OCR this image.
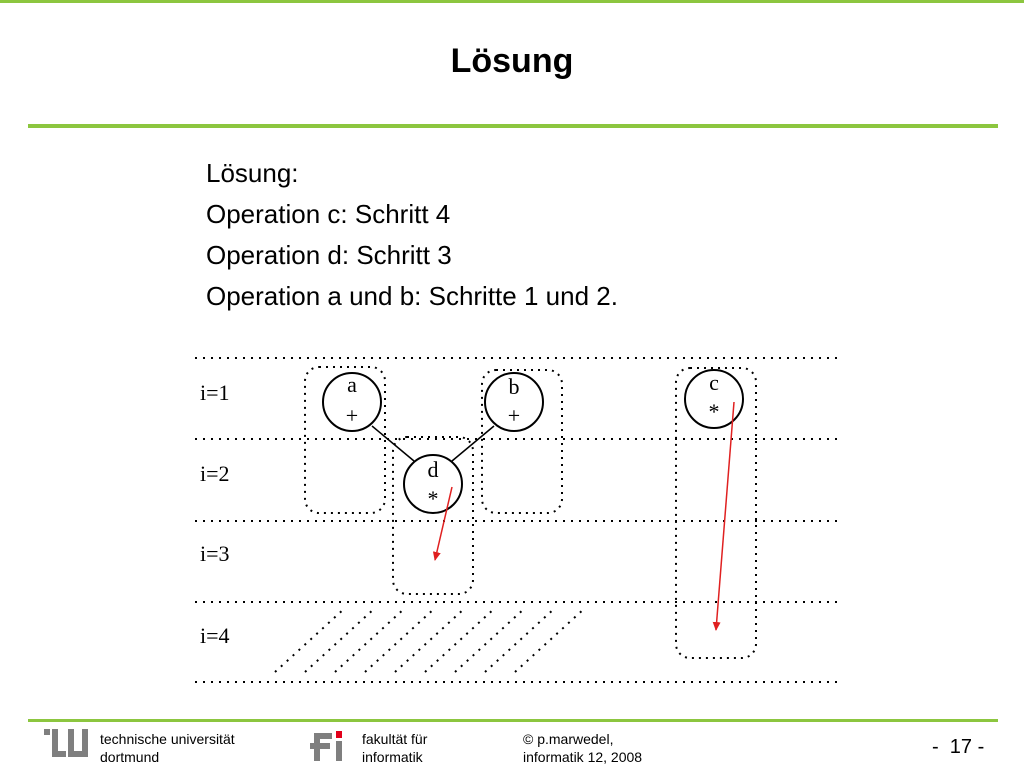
Lösung
Lösung:
Operation c: Schritt 4
Operation d: Schritt 3
Operation a und b: Schritte 1 und 2.
a
+
b
+
c
*
d
*
i=1
i=2
i=3
i=4
technische universität
dortmund
fakultät für
informatik
© p.marwedel,
informatik 12, 2008	-  17 -
